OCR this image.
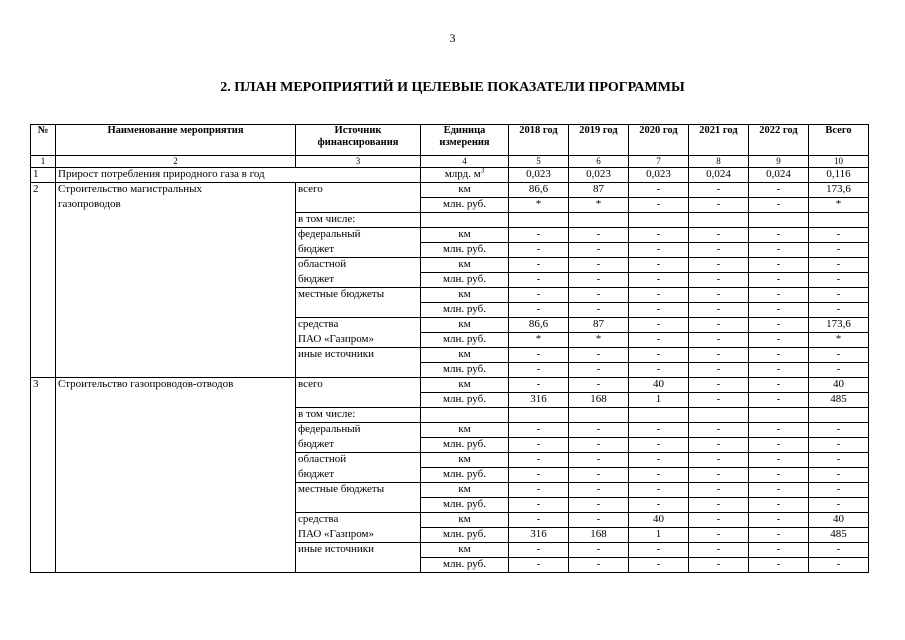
3
2. ПЛАН МЕРОПРИЯТИЙ И ЦЕЛЕВЫЕ ПОКАЗАТЕЛИ ПРОГРАММЫ
№	Наименование мероприятия	Источник финансирования	Единица измерения	2018 год	2019 год	2020 год	2021 год	2022 год	Всего
1	2	3	4	5	6	7	8	9	10
1	Прирост потребления природного газа в год		млрд. $м^3$	0,023	0,023	0,023	0,024	0,024	0,116
2	Строительство магистральных	всего	км	86,6	87	-	-	-	173,6
	газопроводов		млн. руб.	*	*	-	-	-	*
		в том числе:							
		федеральный	км	-	-	-	-	-	-
		бюджет	млн. руб.	-	-	-	-	-	-
		областной	км	-	-	-	-	-	-
		бюджет	млн. руб.	-	-	-	-	-	-
		местные бюджеты	км	-	-	-	-	-	-
			млн. руб.	-	-	-	-	-	-
		средства	км	86,6	87	-	-	-	173,6
		ПАО «Газпром»	млн. руб.	*	*	-	-	-	*
		иные источники	км	-	-	-	-	-	-
			млн. руб.	-	-	-	-	-	-
3	Строительство газопроводов-отводов	всего	км	-	-	40	-	-	40
			млн. руб.	316	168	1	-	-	485
		в том числе:							
		федеральный	км	-	-	-	-	-	-
		бюджет	млн. руб.	-	-	-	-	-	-
		областной	км	-	-	-	-	-	-
		бюджет	млн. руб.	-	-	-	-	-	-
		местные бюджеты	км	-	-	-	-	-	-
			млн. руб.	-	-	-	-	-	-
		средства	км	-	-	40	-	-	40
		ПАО «Газпром»	млн. руб.	316	168	1	-	-	485
		иные источники	км	-	-	-	-	-	-
			млн. руб.	-	-	-	-	-	-
